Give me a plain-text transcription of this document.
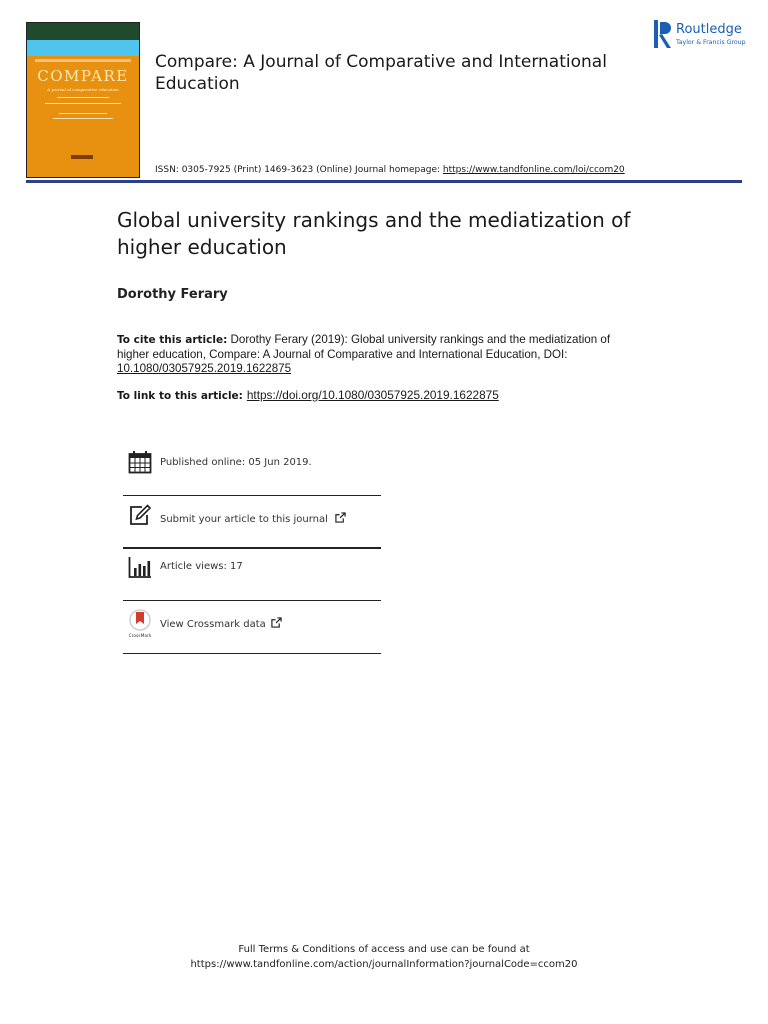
COMPARE
A journal of comparative education
Compare: A Journal of Comparative and International Education
ISSN: 0305-7925 (Print) 1469-3623 (Online) Journal homepage: https://www.tandfonline.com/loi/ccom20
Routledge
Taylor & Francis Group
Global university rankings and the mediatization of higher education
Dorothy Ferary
To cite this article: Dorothy Ferary (2019): Global university rankings and the mediatization of higher education, Compare: A Journal of Comparative and International Education, DOI: 10.1080/03057925.2019.1622875
To link to this article: https://doi.org/10.1080/03057925.2019.1622875
Published online: 05 Jun 2019.
Submit your article to this journal
Article views: 17
CrossMark
View Crossmark data
Full Terms & Conditions of access and use can be found at
https://www.tandfonline.com/action/journalInformation?journalCode=ccom20
